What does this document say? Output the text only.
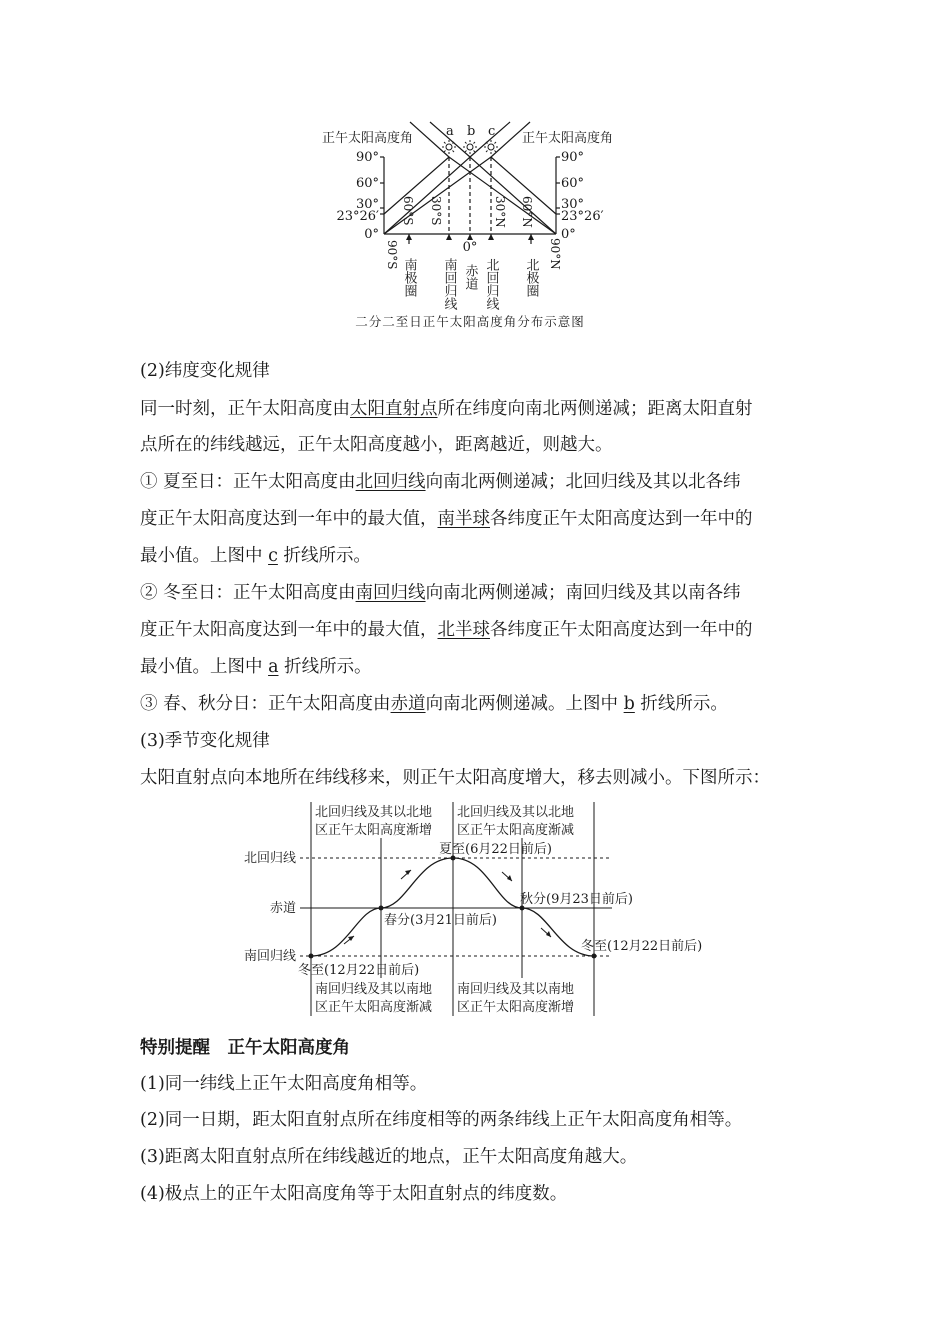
正午太阳高度角	正午太阳高度角
a b c
90°
60°
30°
23°26′
0°
90°
60°
30°
23°26′
0°
0°
90°S
60°S 30°S	30°N 60°N
90°N
南极圈 南回归线 赤道 北回归线 北极圈
二分二至日正午太阳高度角分布示意图
(2)纬度变化规律
同一时刻，正午太阳高度由太阳直射点所在纬度向南北两侧递减；距离太阳直射
点所在的纬线越远，正午太阳高度越小，距离越近，则越大。
① 夏至日：正午太阳高度由北回归线向南北两侧递减；北回归线及其以北各纬
度正午太阳高度达到一年中的最大值，南半球各纬度正午太阳高度达到一年中的
最小值。上图中 c 折线所示。
② 冬至日：正午太阳高度由南回归线向南北两侧递减；南回归线及其以南各纬
度正午太阳高度达到一年中的最大值，北半球各纬度正午太阳高度达到一年中的
最小值。上图中 a 折线所示。
③ 春、秋分日：正午太阳高度由赤道向南北两侧递减。上图中 b 折线所示。
(3)季节变化规律
太阳直射点向本地所在纬线移来，则正午太阳高度增大，移去则减小。下图所示：
北回归线及其以北地
区正午太阳高度渐增
北回归线及其以北地
区正午太阳高度渐减
南回归线及其以南地
区正午太阳高度渐减
南回归线及其以南地
区正午太阳高度渐增
北回归线
赤道
南回归线
夏至(6月22日前后)
春分(3月21日前后)
秋分(9月23日前后)
冬至(12月22日前后)
冬至(12月22日前后)
特别提醒　正午太阳高度角
(1)同一纬线上正午太阳高度角相等。
(2)同一日期，距太阳直射点所在纬度相等的两条纬线上正午太阳高度角相等。
(3)距离太阳直射点所在纬线越近的地点，正午太阳高度角越大。
(4)极点上的正午太阳高度角等于太阳直射点的纬度数。
